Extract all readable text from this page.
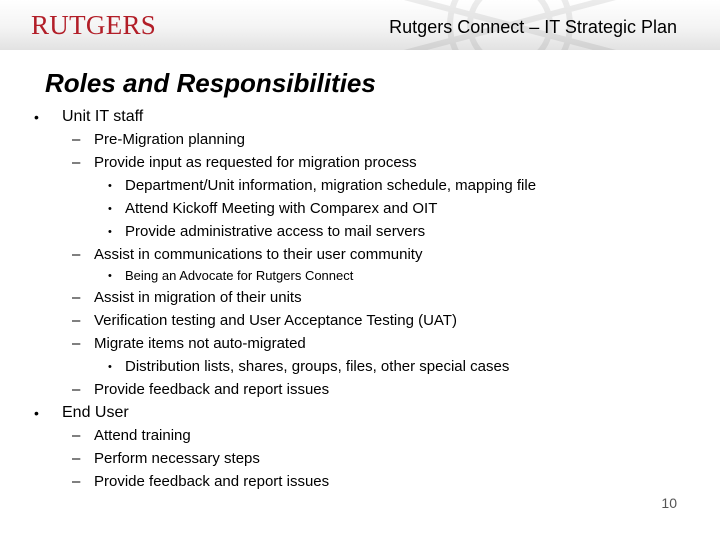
RUTGERS	Rutgers Connect – IT Strategic Plan
Roles and Responsibilities
• Unit IT staff
– Pre-Migration planning
– Provide input as requested for migration process
• Department/Unit information, migration schedule, mapping file
• Attend Kickoff Meeting with Comparex and OIT
• Provide administrative access to mail servers
– Assist in communications to their user community
• Being an Advocate for Rutgers Connect
– Assist in migration of their units
– Verification testing and User Acceptance Testing (UAT)
– Migrate items not auto-migrated
• Distribution lists, shares, groups, files, other special cases
– Provide feedback and report issues
• End User
– Attend training
– Perform necessary steps
– Provide feedback and report issues
10
